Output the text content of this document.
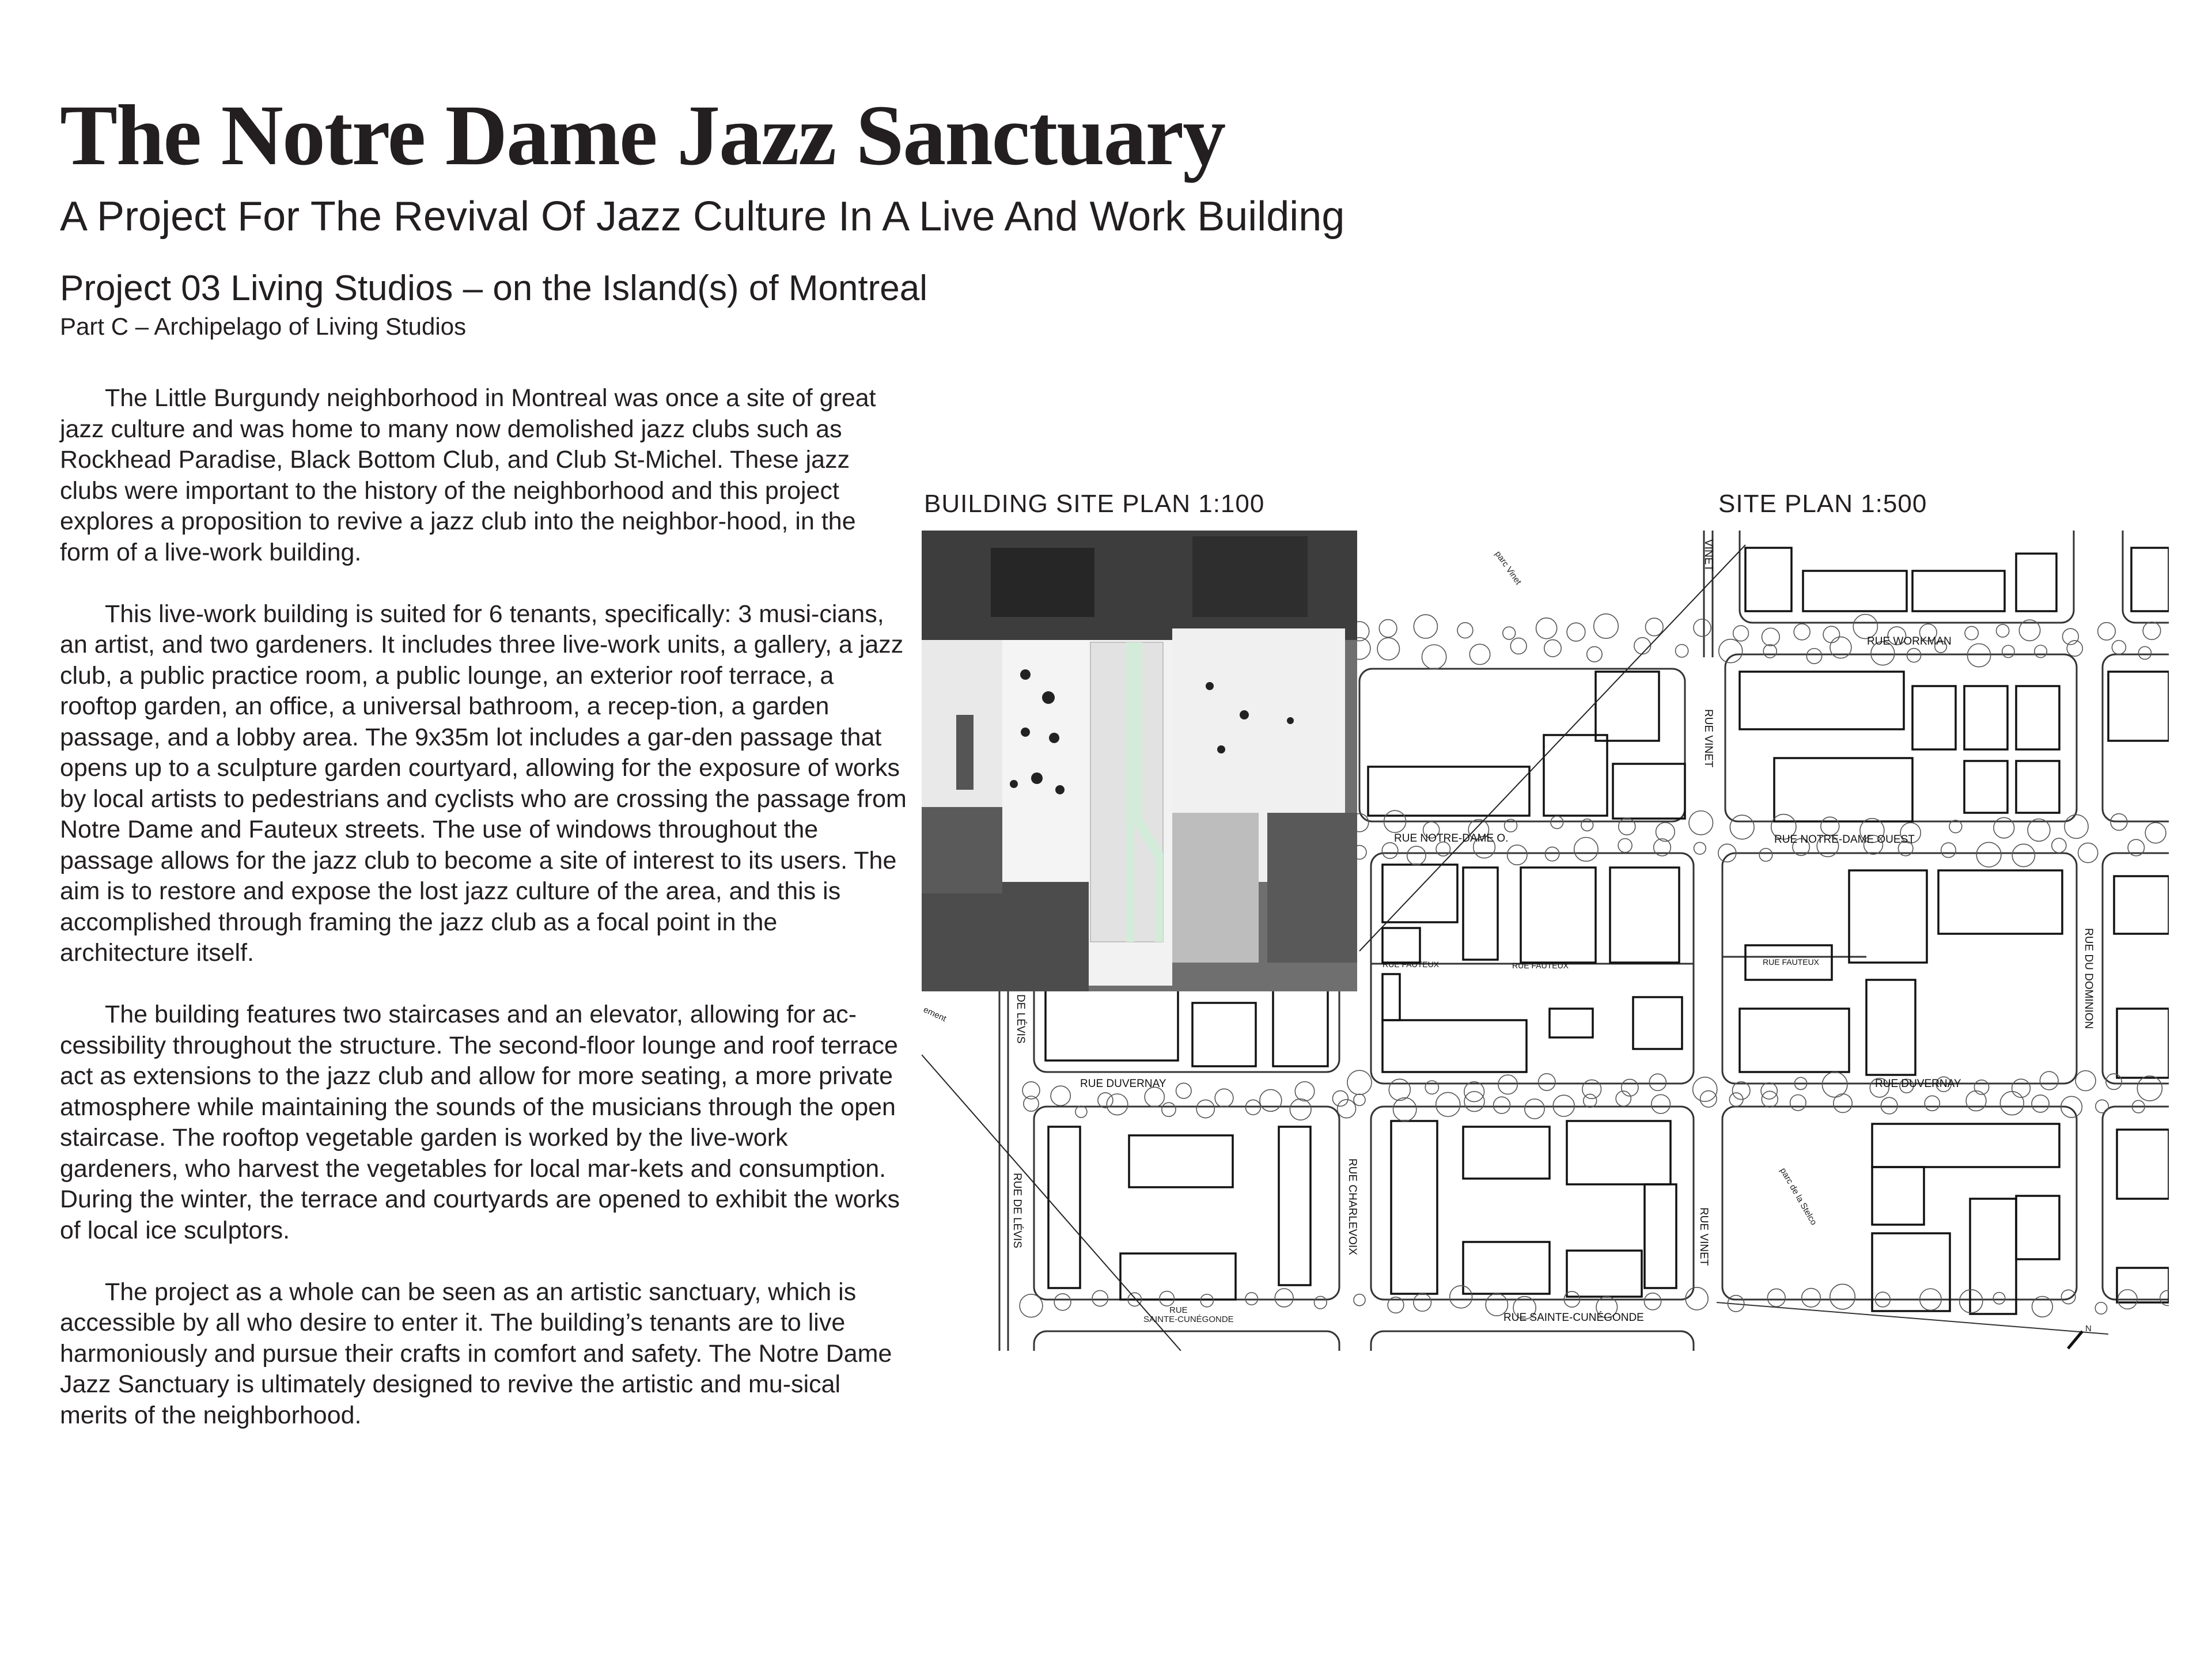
The Notre Dame Jazz Sanctuary
A Project For The Revival Of Jazz Culture In A Live And Work Building
Project 03 Living Studios – on the Island(s) of Montreal
Part C – Archipelago of Living Studios

The Little Burgundy neighborhood in Montreal was once a site of great jazz culture and was home to many now demolished jazz clubs such as Rockhead Paradise, Black Bottom Club, and Club St-Michel. These jazz clubs were important to the history of the neighborhood and this project explores a proposition to revive a jazz club into the neighbor-hood, in the form of a live-work building.

This live-work building is suited for 6 tenants, specifically: 3 musi-cians, an artist, and two gardeners. It includes three live-work units, a gallery, a jazz club, a public practice room, a public lounge, an exterior roof terrace, a rooftop garden, an office, a universal bathroom, a recep-tion, a garden passage, and a lobby area. The 9x35m lot includes a gar-den passage that opens up to a sculpture garden courtyard, allowing for the exposure of works by local artists to pedestrians and cyclists who are crossing the passage from Notre Dame and Fauteux streets. The use of windows throughout the passage allows for the jazz club to become a site of interest to its users. The aim is to restore and expose the lost jazz culture of the area, and this is accomplished through framing the jazz club as a focal point in the architecture itself.

The building features two staircases and an elevator, allowing for ac-cessibility throughout the structure. The second-floor lounge and roof terrace act as extensions to the jazz club and allow for more seating, a more private atmosphere while maintaining the sounds of the musicians through the open staircase. The rooftop vegetable garden is worked by the live-work gardeners, who harvest the vegetables for local mar-kets and consumption. During the winter, the terrace and courtyards are opened to exhibit the works of local ice sculptors.

The project as a whole can be seen as an artistic sanctuary, which is accessible by all who desire to enter it. The building’s tenants are to live harmoniously and pursue their crafts in comfort and safety. The Notre Dame Jazz Sanctuary is ultimately designed to revive the artistic and mu-sical merits of the neighborhood.

BUILDING SITE PLAN 1:100	SITE PLAN 1:500
RUE WORKMAN
VINET
RUE VINET
RUE VINET
RUE NOTRE-DAME O.	RUE NOTRE-DAME OUEST
RUE FAUTEUX	RUE FAUTEUX	RUE FAUTEUX	RUE DU DOMINION
DE LÉVIS
RUE DE LÉVIS
RUE DUVERNAY	RUE DUVERNAY
RUE CHARLEVOIX
RUE
SAINTE-CUNÉGONDE	RUE SAINTE-CUNÉGONDE
parc Vinet
parc de la Stelco
ement
N
